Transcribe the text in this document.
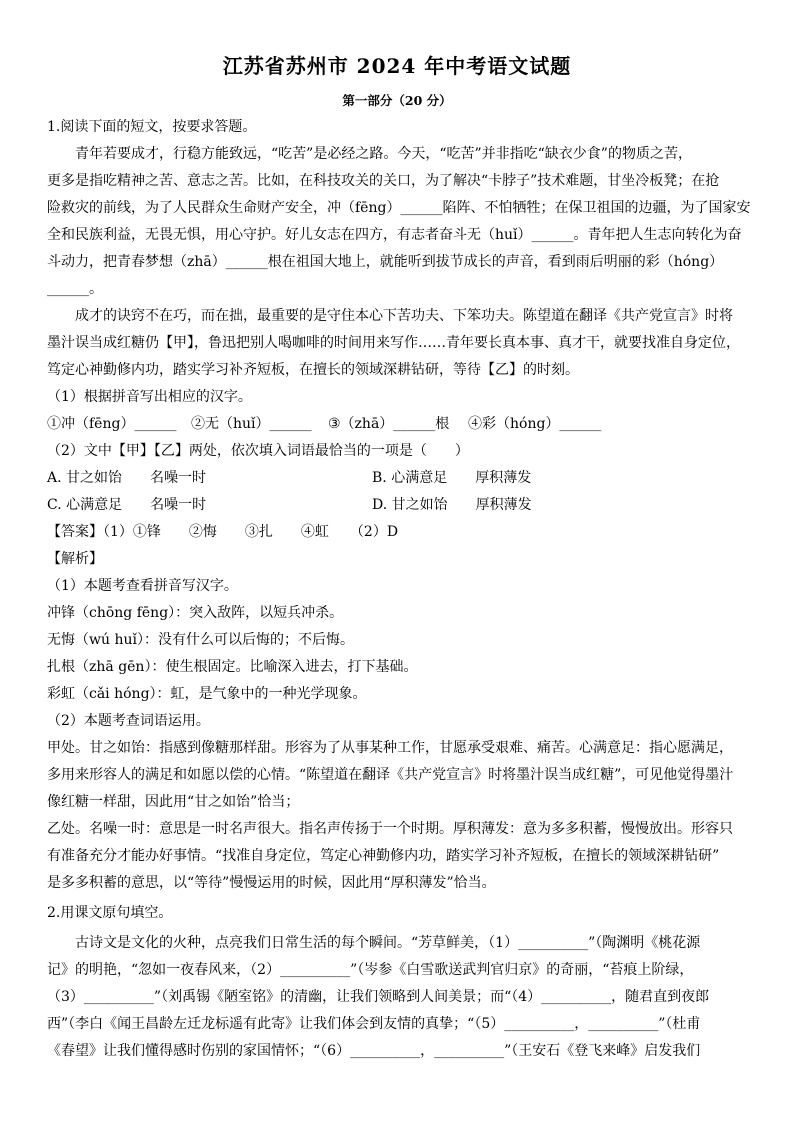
江苏省苏州市 2024 年中考语文试题
第一部分（20 分）
1.阅读下面的短文，按要求答题。
青年若要成才，行稳方能致远，“吃苦”是必经之路。今天，“吃苦”并非指吃“缺衣少食”的物质之苦，
更多是指吃精神之苦、意志之苦。比如，在科技攻关的关口，为了解决“卡脖子”技术难题，甘坐冷板凳；在抢
险救灾的前线，为了人民群众生命财产安全，冲（fēng）______陷阵、不怕牺牲；在保卫祖国的边疆，为了国家安
全和民族利益，无畏无惧，用心守护。好儿女志在四方，有志者奋斗无（huǐ）______。青年把人生志向转化为奋
斗动力，把青春梦想（zhā）______根在祖国大地上，就能听到拔节成长的声音，看到雨后明丽的彩（hóng）
______。
成才的诀窍不在巧，而在拙，最重要的是守住本心下苦功夫、下笨功夫。陈望道在翻译《共产党宣言》时将
墨汁误当成红糖仍【甲】，鲁迅把别人喝咖啡的时间用来写作……青年要长真本事、真才干，就要找准自身定位，
笃定心神勤修内功，踏实学习补齐短板，在擅长的领域深耕钻研，等待【乙】的时刻。
（1）根据拼音写出相应的汉字。
①冲（fēng）______ ②无（huǐ）______ ③（zhā）______根 ④彩（hóng）______
（2）文中【甲】【乙】两处，依次填入词语最恰当的一项是（　　）
A. 甘之如饴　　名噪一时	B. 心满意足　　厚积薄发
C. 心满意足　　名噪一时	D. 甘之如饴　　厚积薄发
【答案】（1）①锋　　②悔　　③扎　　④虹　　（2）D
【解析】
（1）本题考查看拼音写汉字。
冲锋（chōng fēng）：突入敌阵，以短兵冲杀。
无悔（wú huǐ）：没有什么可以后悔的；不后悔。
扎根（zhā gēn）：使生根固定。比喻深入进去，打下基础。
彩虹（cǎi hóng）：虹，是气象中的一种光学现象。
（2）本题考查词语运用。
甲处。甘之如饴：指感到像糖那样甜。形容为了从事某种工作，甘愿承受艰难、痛苦。心满意足：指心愿满足，
多用来形容人的满足和如愿以偿的心情。“陈望道在翻译《共产党宣言》时将墨汁误当成红糖”，可见他觉得墨汁
像红糖一样甜，因此用“甘之如饴”恰当；
乙处。名噪一时：意思是一时名声很大。指名声传扬于一个时期。厚积薄发：意为多多积蓄，慢慢放出。形容只
有准备充分才能办好事情。“找准自身定位，笃定心神勤修内功，踏实学习补齐短板，在擅长的领域深耕钻研”
是多多积蓄的意思，以“等待”慢慢运用的时候，因此用“厚积薄发”恰当。
2.用课文原句填空。
古诗文是文化的火种，点亮我们日常生活的每个瞬间。“芳草鲜美，（1）__________”（陶渊明《桃花源
记》的明艳，“忽如一夜春风来，（2）__________”（岑参《白雪歌送武判官归京》的奇丽，“苔痕上阶绿，
（3）__________”（刘禹锡《陋室铭》的清幽，让我们领略到人间美景；而“（4）__________，随君直到夜郎
西”（李白《闻王昌龄左迁龙标遥有此寄》让我们体会到友情的真挚；“（5）__________，__________”（杜甫
《春望》让我们懂得感时伤别的家国情怀；“（6）__________，__________”（王安石《登飞来峰》启发我们
